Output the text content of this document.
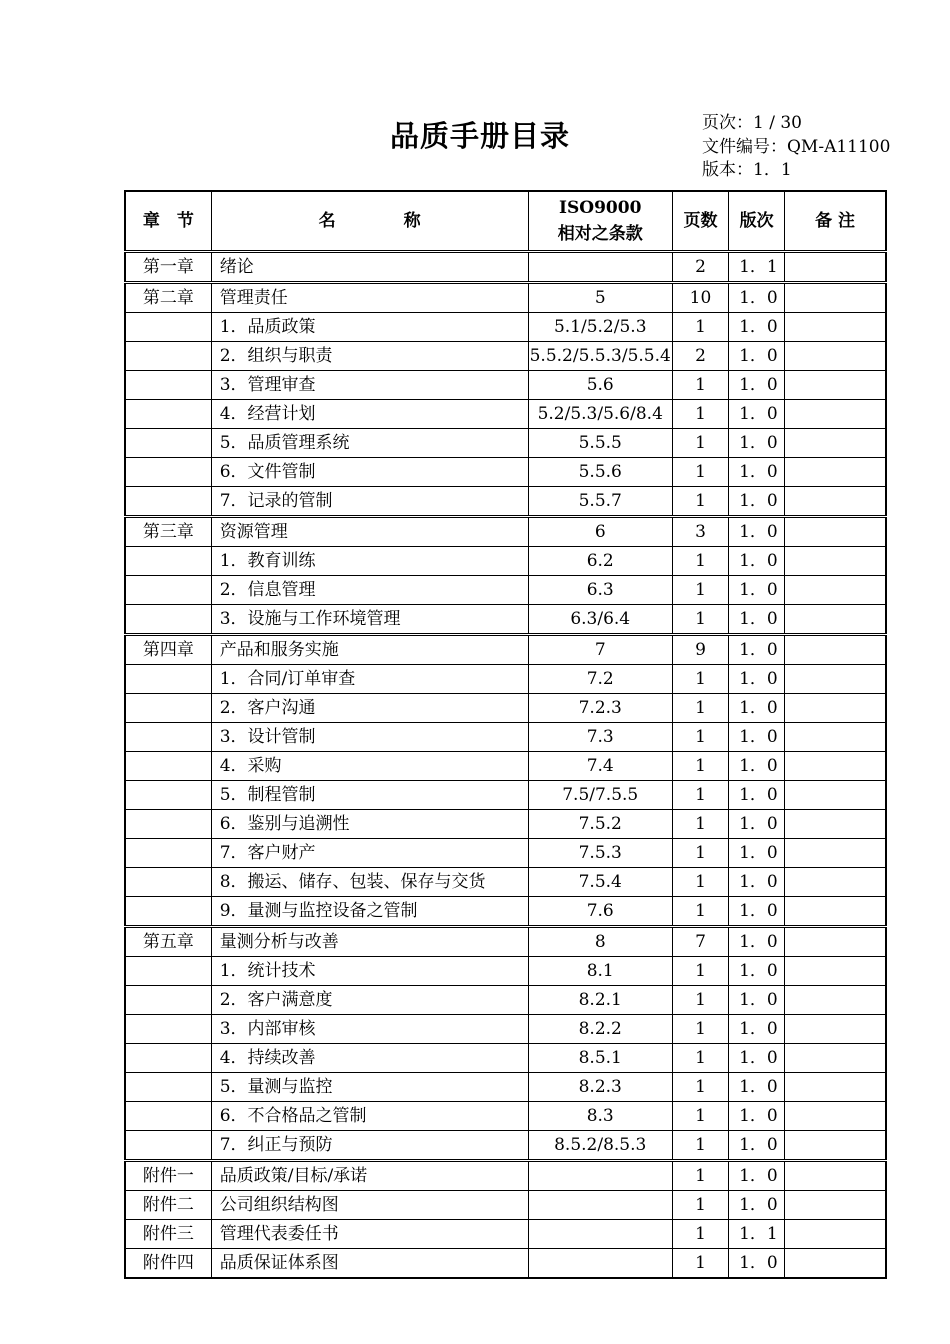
品质手册目录	页次：1 / 30
文件编号：QM-A11100
版本：1．1
章　节	名　　　　称	ISO9000
相对之条款	页数	版次	备 注
第一章	绪论		2	1．1	
第二章	管理责任	5	10	1．0	
	1．品质政策	5.1/5.2/5.3	1	1．0	
	2．组织与职责	5.5.2/5.5.3/5.5.4	2	1．0	
	3．管理审查	5.6	1	1．0	
	4．经营计划	5.2/5.3/5.6/8.4	1	1．0	
	5．品质管理系统	5.5.5	1	1．0	
	6．文件管制	5.5.6	1	1．0	
	7．记录的管制	5.5.7	1	1．0	
第三章	资源管理	6	3	1．0	
	1．教育训练	6.2	1	1．0	
	2．信息管理	6.3	1	1．0	
	3．设施与工作环境管理	6.3/6.4	1	1．0	
第四章	产品和服务实施	7	9	1．0	
	1．合同/订单审查	7.2	1	1．0	
	2．客户沟通	7.2.3	1	1．0	
	3．设计管制	7.3	1	1．0	
	4．采购	7.4	1	1．0	
	5．制程管制	7.5/7.5.5	1	1．0	
	6．鉴别与追溯性	7.5.2	1	1．0	
	7．客户财产	7.5.3	1	1．0	
	8．搬运、储存、包装、保存与交货	7.5.4	1	1．0	
	9．量测与监控设备之管制	7.6	1	1．0	
第五章	量测分析与改善	8	7	1．0	
	1．统计技术	8.1	1	1．0	
	2．客户满意度	8.2.1	1	1．0	
	3．内部审核	8.2.2	1	1．0	
	4．持续改善	8.5.1	1	1．0	
	5．量测与监控	8.2.3	1	1．0	
	6．不合格品之管制	8.3	1	1．0	
	7．纠正与预防	8.5.2/8.5.3	1	1．0	
附件一	品质政策/目标/承诺		1	1．0	
附件二	公司组织结构图		1	1．0	
附件三	管理代表委任书		1	1．1	
附件四	品质保证体系图		1	1．0	
